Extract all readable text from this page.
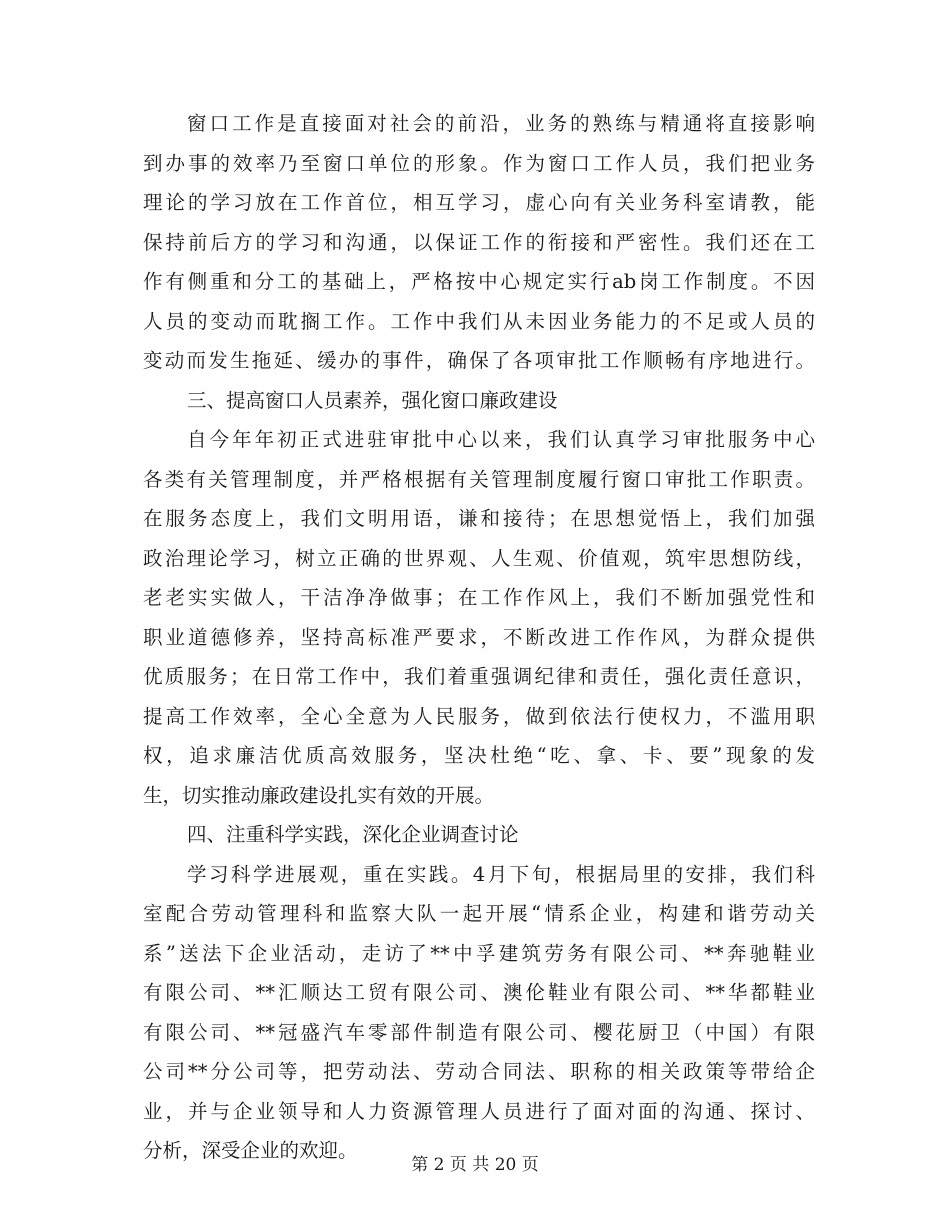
窗口工作是直接面对社会的前沿，业务的熟练与精通将直接影响
到办事的效率乃至窗口单位的形象。作为窗口工作人员，我们把业务
理论的学习放在工作首位，相互学习，虚心向有关业务科室请教，能
保持前后方的学习和沟通，以保证工作的衔接和严密性。我们还在工
作有侧重和分工的基础上，严格按中心规定实行ab岗工作制度。不因
人员的变动而耽搁工作。工作中我们从未因业务能力的不足或人员的
变动而发生拖延、缓办的事件，确保了各项审批工作顺畅有序地进行。
三、提高窗口人员素养，强化窗口廉政建设
自今年年初正式进驻审批中心以来，我们认真学习审批服务中心
各类有关管理制度，并严格根据有关管理制度履行窗口审批工作职责。
在服务态度上，我们文明用语，谦和接待；在思想觉悟上，我们加强
政治理论学习，树立正确的世界观、人生观、价值观，筑牢思想防线，
老老实实做人，干洁净净做事；在工作作风上，我们不断加强党性和
职业道德修养，坚持高标准严要求，不断改进工作作风，为群众提供
优质服务；在日常工作中，我们着重强调纪律和责任，强化责任意识，
提高工作效率，全心全意为人民服务，做到依法行使权力，不滥用职
权，追求廉洁优质高效服务，坚决杜绝“吃、拿、卡、要”现象的发
生，切实推动廉政建设扎实有效的开展。
四、注重科学实践，深化企业调查讨论
学习科学进展观，重在实践。4月下旬，根据局里的安排，我们科
室配合劳动管理科和监察大队一起开展“情系企业，构建和谐劳动关
系”送法下企业活动，走访了**中孚建筑劳务有限公司、**奔驰鞋业
有限公司、**汇顺达工贸有限公司、澳伦鞋业有限公司、**华都鞋业
有限公司、**冠盛汽车零部件制造有限公司、樱花厨卫（中国）有限
公司**分公司等，把劳动法、劳动合同法、职称的相关政策等带给企
业，并与企业领导和人力资源管理人员进行了面对面的沟通、探讨、
分析，深受企业的欢迎。
第 2 页 共 20 页
